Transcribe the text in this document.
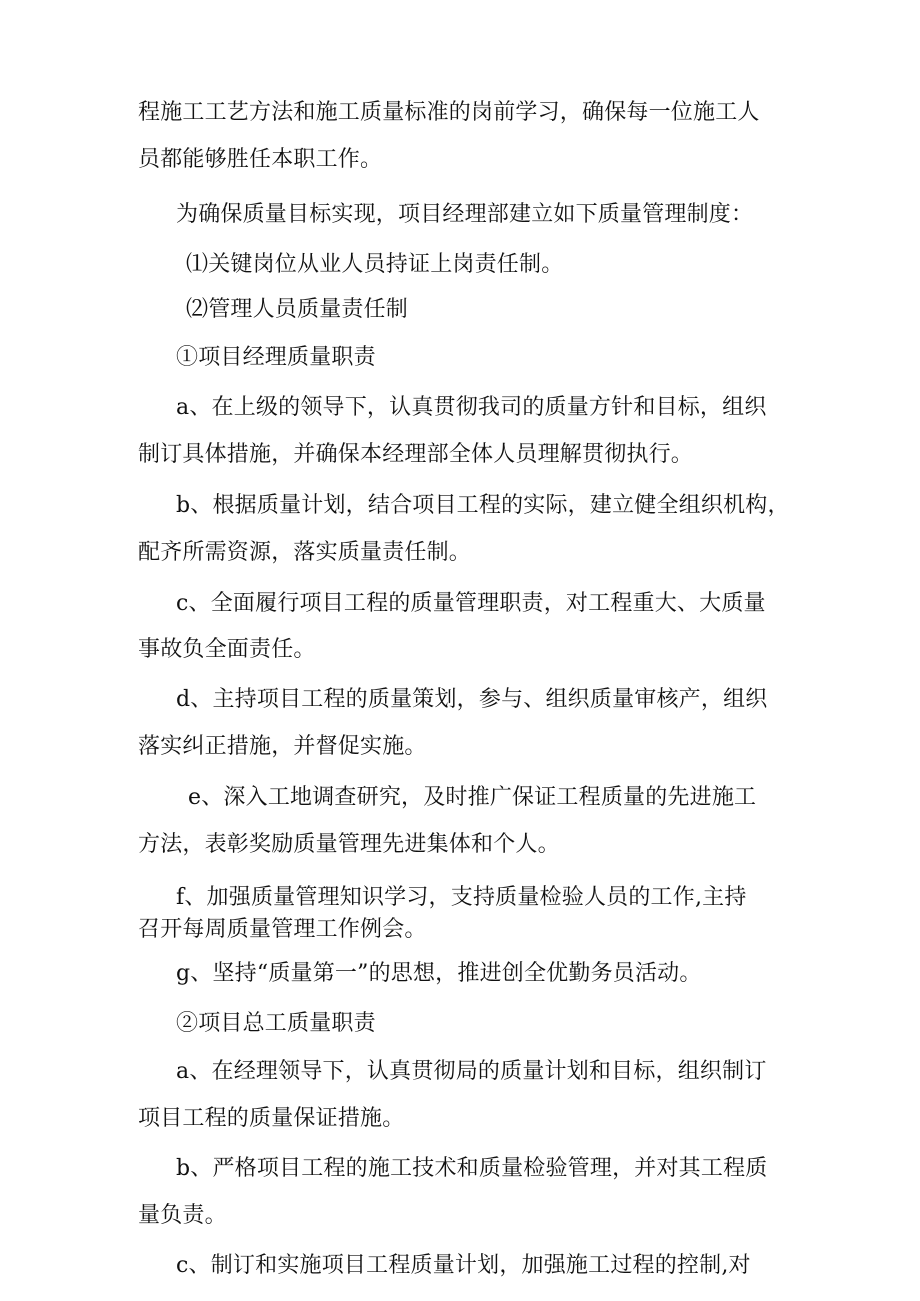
程施工工艺方法和施工质量标准的岗前学习，确保每一位施工人
员都能够胜任本职工作。
为确保质量目标实现，项目经理部建立如下质量管理制度：
⑴关键岗位从业人员持证上岗责任制。
⑵管理人员质量责任制
①项目经理质量职责
a、在上级的领导下，认真贯彻我司的质量方针和目标，组织
制订具体措施，并确保本经理部全体人员理解贯彻执行。
b、根据质量计划，结合项目工程的实际，建立健全组织机构，
配齐所需资源，落实质量责任制。
c、全面履行项目工程的质量管理职责，对工程重大、大质量
事故负全面责任。
d、主持项目工程的质量策划，参与、组织质量审核产，组织
落实纠正措施，并督促实施。
e、深入工地调查研究，及时推广保证工程质量的先进施工
方法，表彰奖励质量管理先进集体和个人。
f、加强质量管理知识学习，支持质量检验人员的工作,主持
召开每周质量管理工作例会。
g、坚持“质量第一”的思想，推进创全优勤务员活动。
②项目总工质量职责
a、在经理领导下，认真贯彻局的质量计划和目标，组织制订
项目工程的质量保证措施。
b、严格项目工程的施工技术和质量检验管理，并对其工程质
量负责。
c、制订和实施项目工程质量计划，加强施工过程的控制,对
